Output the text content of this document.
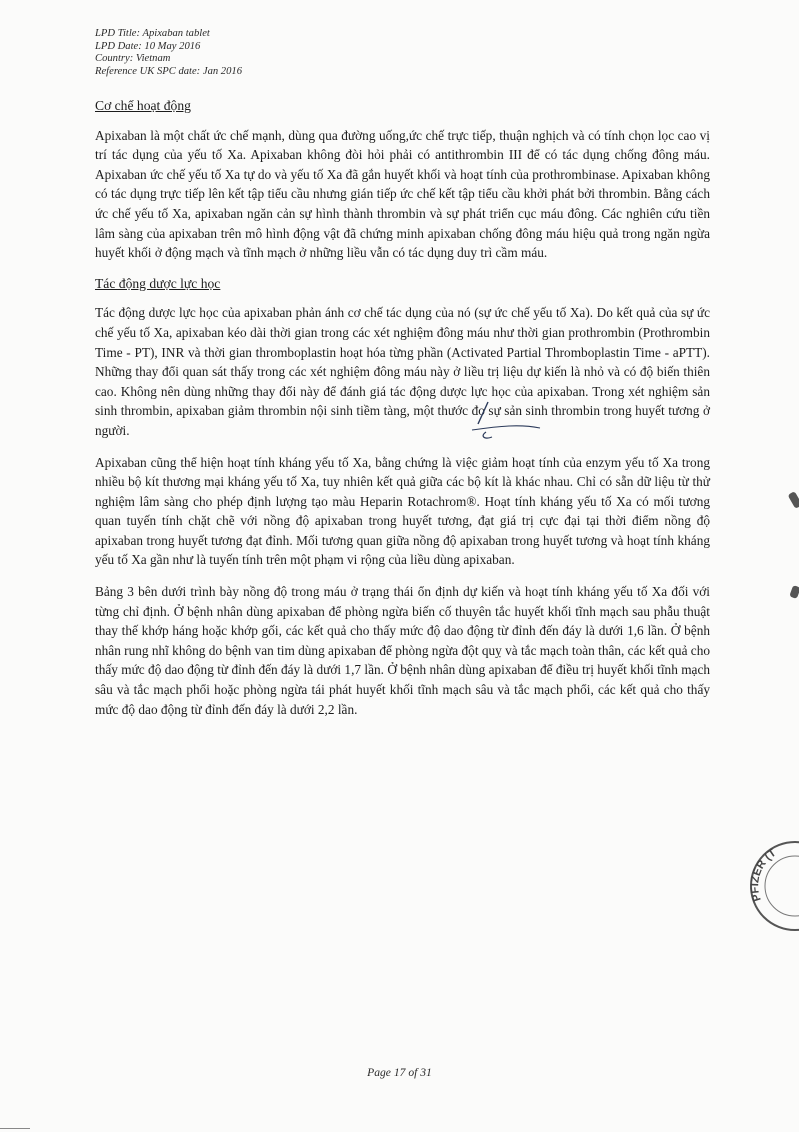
LPD Title: Apixaban tablet
LPD Date: 10 May 2016
Country: Vietnam
Reference UK SPC date: Jan 2016
Cơ chế hoạt động

Apixaban là một chất ức chế mạnh, dùng qua đường uống,ức chế trực tiếp, thuận nghịch và có tính chọn lọc cao vị trí tác dụng của yếu tố Xa. Apixaban không đòi hỏi phải có antithrombin III để có tác dụng chống đông máu. Apixaban ức chế yếu tố Xa tự do và yếu tố Xa đã gắn huyết khối và hoạt tính của prothrombinase. Apixaban không có tác dụng trực tiếp lên kết tập tiểu cầu nhưng gián tiếp ức chế kết tập tiểu cầu khởi phát bởi thrombin. Bằng cách ức chế yếu tố Xa, apixaban ngăn cản sự hình thành thrombin và sự phát triển cục máu đông. Các nghiên cứu tiền lâm sàng của apixaban trên mô hình động vật đã chứng minh apixaban chống đông máu hiệu quả trong ngăn ngừa huyết khối ở động mạch và tĩnh mạch ở những liều vẫn có tác dụng duy trì cầm máu.

Tác động dược lực học

Tác động dược lực học của apixaban phản ánh cơ chế tác dụng của nó (sự ức chế yếu tố Xa). Do kết quả của sự ức chế yếu tố Xa, apixaban kéo dài thời gian trong các xét nghiệm đông máu như thời gian prothrombin (Prothrombin Time - PT), INR và thời gian thromboplastin hoạt hóa từng phần (Activated Partial Thromboplastin Time - aPTT). Những thay đổi quan sát thấy trong các xét nghiệm đông máu này ở liều trị liệu dự kiến là nhỏ và có độ biến thiên cao. Không nên dùng những thay đổi này để đánh giá tác động dược lực học của apixaban. Trong xét nghiệm sản sinh thrombin, apixaban giảm thrombin nội sinh tiềm tàng, một thước đo sự sản sinh thrombin trong huyết tương ở người.

Apixaban cũng thể hiện hoạt tính kháng yếu tố Xa, bằng chứng là việc giảm hoạt tính của enzym yếu tố Xa trong nhiều bộ kít thương mại kháng yếu tố Xa, tuy nhiên kết quả giữa các bộ kít là khác nhau. Chỉ có sẵn dữ liệu từ thử nghiệm lâm sàng cho phép định lượng tạo màu Heparin Rotachrom®. Hoạt tính kháng yếu tố Xa có mối tương quan tuyến tính chặt chẽ với nồng độ apixaban trong huyết tương, đạt giá trị cực đại tại thời điểm nồng độ apixaban trong huyết tương đạt đỉnh. Mối tương quan giữa nồng độ apixaban trong huyết tương và hoạt tính kháng yếu tố Xa gần như là tuyến tính trên một phạm vi rộng của liều dùng apixaban.

Bảng 3 bên dưới trình bày nồng độ trong máu ở trạng thái ổn định dự kiến và hoạt tính kháng yếu tố Xa đối với từng chỉ định. Ở bệnh nhân dùng apixaban để phòng ngừa biến cố thuyên tắc huyết khối tĩnh mạch sau phẫu thuật thay thế khớp háng hoặc khớp gối, các kết quả cho thấy mức độ dao động từ đỉnh đến đáy là dưới 1,6 lần. Ở bệnh nhân rung nhĩ không do bệnh van tim dùng apixaban để phòng ngừa đột quỵ và tắc mạch toàn thân, các kết quả cho thấy mức độ dao động từ đỉnh đến đáy là dưới 1,7 lần. Ở bệnh nhân dùng apixaban để điều trị huyết khối tĩnh mạch sâu và tắc mạch phổi hoặc phòng ngừa tái phát huyết khối tĩnh mạch sâu và tắc mạch phổi, các kết quả cho thấy mức độ dao động từ đỉnh đến đáy là dưới 2,2 lần.

PFIZER (T
Page 17 of 31
